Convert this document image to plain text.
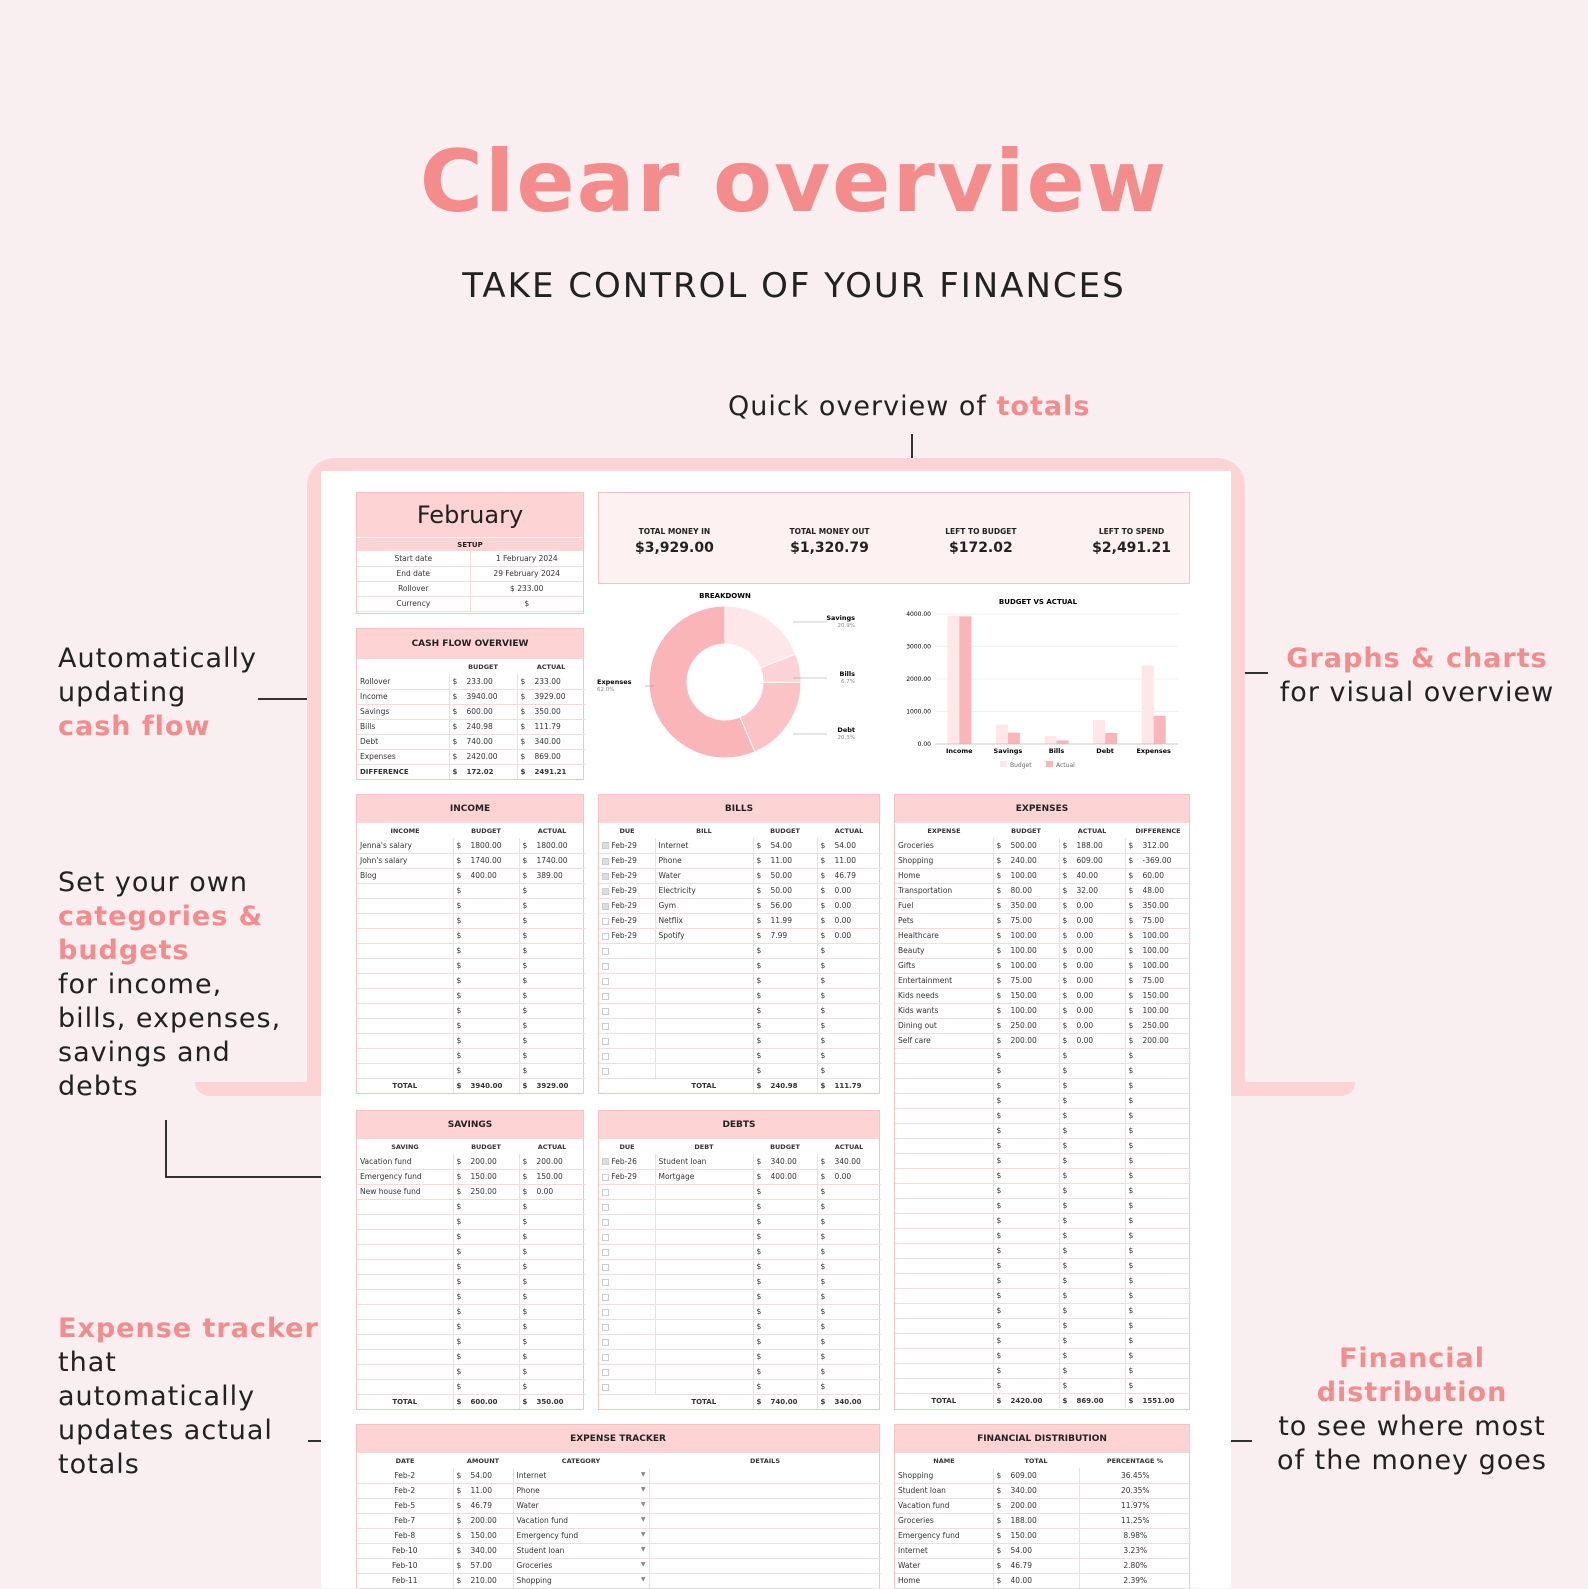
Clear overview
TAKE CONTROL OF YOUR FINANCES
Quick overview of totals
Automatically
updating
cash flow
Graphs & charts
for visual overview
Set your own
categories &
budgets
for income,
bills, expenses,
savings and
debts
Expense tracker
that
automatically
updates actual
totals
Financial
distribution
to see where most
of the money goes
February
SETUP
Start date	1 February 2024
End date	29 February 2024
Rollover	$ 233.00
Currency	$
TOTAL MONEY IN
$3,929.00
TOTAL MONEY OUT
$1,320.79
LEFT TO BUDGET
$172.02
LEFT TO SPEND
$2,491.21
CASH FLOW OVERVIEW
	BUDGET	ACTUAL
Rollover	$ 233.00	$ 233.00
Income	$ 3940.00	$ 3929.00
Savings	$ 600.00	$ 350.00
Bills	$ 240.98	$ 111.79
Debt	$ 740.00	$ 340.00
Expenses	$ 2420.00	$ 869.00
DIFFERENCE	$ 172.02	$ 2491.21
BREAKDOWN
Savings
20.9%
Bills
6.7%
Debt
20.3%
Expenses
62.0%
BUDGET VS ACTUAL
4000.00
3000.00
2000.00
1000.00
0.00
Income	Savings	Bills	Debt	Expenses
Budget	Actual
INCOME
INCOME	BUDGET	ACTUAL
Jenna's salary	$ 1800.00	$ 1800.00
John's salary	$ 1740.00	$ 1740.00
Blog	$ 400.00	$ 389.00
	$	$
	$	$
	$	$
	$	$
	$	$
	$	$
	$	$
	$	$
	$	$
	$	$
	$	$
	$	$
	$	$
TOTAL	$ 3940.00	$ 3929.00
BILLS
DUE	BILL	BUDGET	ACTUAL
Feb-29	Internet	$ 54.00	$ 54.00
Feb-29	Phone	$ 11.00	$ 11.00
Feb-29	Water	$ 50.00	$ 46.79
Feb-29	Electricity	$ 50.00	$ 0.00
Feb-29	Gym	$ 56.00	$ 0.00
Feb-29	Netflix	$ 11.99	$ 0.00
Feb-29	Spotify	$ 7.99	$ 0.00
		$	$
		$	$
		$	$
		$	$
		$	$
		$	$
		$	$
		$	$
		$	$
	TOTAL	$ 240.98	$ 111.79
EXPENSES
EXPENSE	BUDGET	ACTUAL	DIFFERENCE
Groceries	$ 500.00	$ 188.00	$ 312.00
Shopping	$ 240.00	$ 609.00	$ -369.00
Home	$ 100.00	$ 40.00	$ 60.00
Transportation	$ 80.00	$ 32.00	$ 48.00
Fuel	$ 350.00	$ 0.00	$ 350.00
Pets	$ 75.00	$ 0.00	$ 75.00
Healthcare	$ 100.00	$ 0.00	$ 100.00
Beauty	$ 100.00	$ 0.00	$ 100.00
Gifts	$ 100.00	$ 0.00	$ 100.00
Entertainment	$ 75.00	$ 0.00	$ 75.00
Kids needs	$ 150.00	$ 0.00	$ 150.00
Kids wants	$ 100.00	$ 0.00	$ 100.00
Dining out	$ 250.00	$ 0.00	$ 250.00
Self care	$ 200.00	$ 0.00	$ 200.00
	$	$	$
	$	$	$
	$	$	$
	$	$	$
	$	$	$
	$	$	$
	$	$	$
	$	$	$
	$	$	$
	$	$	$
	$	$	$
	$	$	$
	$	$	$
	$	$	$
	$	$	$
	$	$	$
	$	$	$
	$	$	$
	$	$	$
	$	$	$
	$	$	$
	$	$	$
	$	$	$
TOTAL	$ 2420.00	$ 869.00	$ 1551.00
SAVINGS
SAVING	BUDGET	ACTUAL
Vacation fund	$ 200.00	$ 200.00
Emergency fund	$ 150.00	$ 150.00
New house fund	$ 250.00	$ 0.00
	$	$
	$	$
	$	$
	$	$
	$	$
	$	$
	$	$
	$	$
	$	$
	$	$
	$	$
	$	$
	$	$
TOTAL	$ 600.00	$ 350.00
DEBTS
DUE	DEBT	BUDGET	ACTUAL
Feb-26	Student loan	$ 340.00	$ 340.00
Feb-29	Mortgage	$ 400.00	$ 0.00
		$	$
		$	$
		$	$
		$	$
		$	$
		$	$
		$	$
		$	$
		$	$
		$	$
		$	$
		$	$
		$	$
		$	$
	TOTAL	$ 740.00	$ 340.00
EXPENSE TRACKER
DATE	AMOUNT	CATEGORY	DETAILS
Feb-2	$ 54.00	Internet ▼	

Feb-2	$ 11.00	Phone ▼	

Feb-5	$ 46.79	Water ▼	

Feb-7	$ 200.00	Vacation fund ▼	

Feb-8	$ 150.00	Emergency fund ▼	

Feb-10	$ 340.00	Student loan ▼	

Feb-10	$ 57.00	Groceries ▼	

Feb-11	$ 210.00	Shopping ▼	

FINANCIAL DISTRIBUTION
NAME	TOTAL	PERCENTAGE %
Shopping	$ 609.00	36.45%
Student loan	$ 340.00	20.35%
Vacation fund	$ 200.00	11.97%
Groceries	$ 188.00	11.25%
Emergency fund	$ 150.00	8.98%
Internet	$ 54.00	3.23%
Water	$ 46.79	2.80%
Home	$ 40.00	2.39%
